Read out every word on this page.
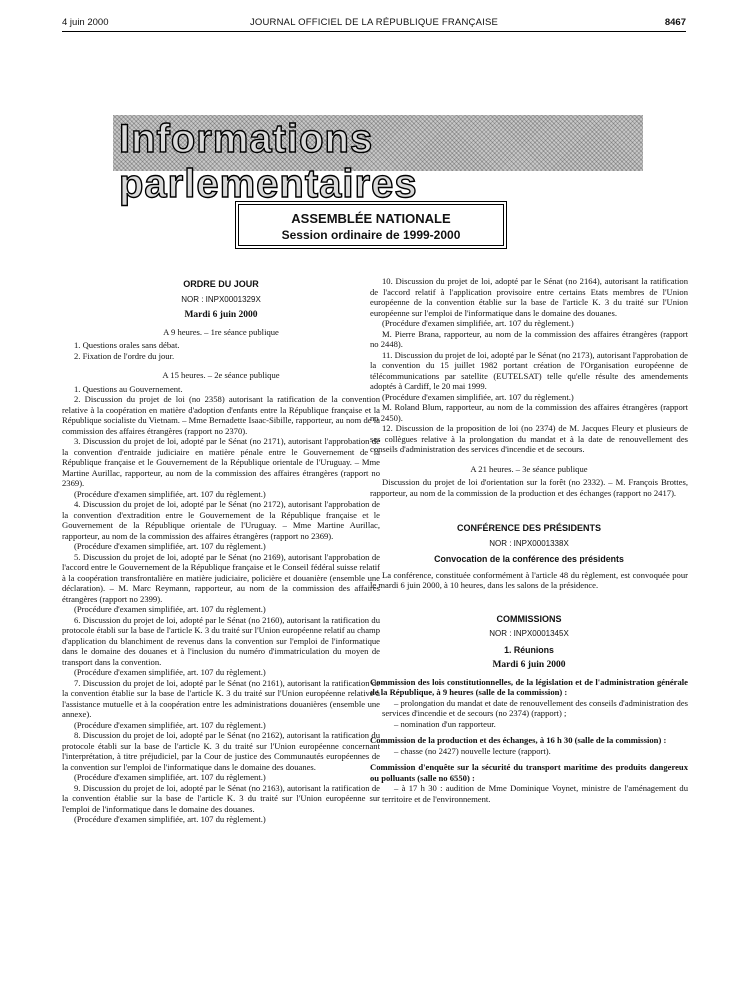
4 juin 2000	JOURNAL OFFICIEL DE LA RÉPUBLIQUE FRANÇAISE	8467
Informations parlementaires
ASSEMBLÉE NATIONALE
Session ordinaire de 1999-2000
ORDRE DU JOUR
NOR : INPX0001329X
Mardi 6 juin 2000
A 9 heures. – 1re séance publique

1. Questions orales sans débat.

2. Fixation de l'ordre du jour.

A 15 heures. – 2e séance publique

1. Questions au Gouvernement.

2. Discussion du projet de loi (no 2358) autorisant la ratification de la convention relative à la coopération en matière d'adoption d'enfants entre la République française et la République socialiste du Vietnam. – Mme Bernadette Isaac-Sibille, rapporteur, au nom de la commission des affaires étrangères (rapport no 2370).

3. Discussion du projet de loi, adopté par le Sénat (no 2171), autorisant l'approbation de la convention d'entraide judiciaire en matière pénale entre le Gouvernement de la République française et le Gouvernement de la République orientale de l'Uruguay. – Mme Martine Aurillac, rapporteur, au nom de la commission des affaires étrangères (rapport no 2369).

(Procédure d'examen simplifiée, art. 107 du règlement.)

4. Discussion du projet de loi, adopté par le Sénat (no 2172), autorisant l'approbation de la convention d'extradition entre le Gouvernement de la République française et le Gouvernement de la République orientale de l'Uruguay. – Mme Martine Aurillac, rapporteur, au nom de la commission des affaires étrangères (rapport no 2369).

(Procédure d'examen simplifiée, art. 107 du règlement.)

5. Discussion du projet de loi, adopté par le Sénat (no 2169), autorisant l'approbation de l'accord entre le Gouvernement de la République française et le Conseil fédéral suisse relatif à la coopération transfrontalière en matière judiciaire, policière et douanière (ensemble une déclaration). – M. Marc Reymann, rapporteur, au nom de la commission des affaires étrangères (rapport no 2399).

(Procédure d'examen simplifiée, art. 107 du règlement.)

6. Discussion du projet de loi, adopté par le Sénat (no 2160), autorisant la ratification du protocole établi sur la base de l'article K. 3 du traité sur l'Union européenne relatif au champ d'application du blanchiment de revenus dans la convention sur l'emploi de l'informatique dans le domaine des douanes et à l'inclusion du numéro d'immatriculation du moyen de transport dans la convention.

(Procédure d'examen simplifiée, art. 107 du règlement.)

7. Discussion du projet de loi, adopté par le Sénat (no 2161), autorisant la ratification de la convention établie sur la base de l'article K. 3 du traité sur l'Union européenne relative à l'assistance mutuelle et à la coopération entre les administrations douanières (ensemble une annexe).

(Procédure d'examen simplifiée, art. 107 du règlement.)

8. Discussion du projet de loi, adopté par le Sénat (no 2162), autorisant la ratification du protocole établi sur la base de l'article K. 3 du traité sur l'Union européenne concernant l'interprétation, à titre préjudiciel, par la Cour de justice des Communautés européennes de la convention sur l'emploi de l'informatique dans le domaine des douanes.

(Procédure d'examen simplifiée, art. 107 du règlement.)

9. Discussion du projet de loi, adopté par le Sénat (no 2163), autorisant la ratification de la convention établie sur la base de l'article K. 3 du traité sur l'Union européenne sur l'emploi de l'informatique dans le domaine des douanes.

(Procédure d'examen simplifiée, art. 107 du règlement.)

10. Discussion du projet de loi, adopté par le Sénat (no 2164), autorisant la ratification de l'accord relatif à l'application provisoire entre certains Etats membres de l'Union européenne de la convention établie sur la base de l'article K. 3 du traité sur l'Union européenne sur l'emploi de l'informatique dans le domaine des douanes.

(Procédure d'examen simplifiée, art. 107 du règlement.)

M. Pierre Brana, rapporteur, au nom de la commission des affaires étrangères (rapport no 2448).

11. Discussion du projet de loi, adopté par le Sénat (no 2173), autorisant l'approbation de la convention du 15 juillet 1982 portant création de l'Organisation européenne de télécommunications par satellite (EUTELSAT) telle qu'elle résulte des amendements adoptés à Cardiff, le 20 mai 1999.

(Procédure d'examen simplifiée, art. 107 du règlement.)

M. Roland Blum, rapporteur, au nom de la commission des affaires étrangères (rapport no 2450).

12. Discussion de la proposition de loi (no 2374) de M. Jacques Fleury et plusieurs de ses collègues relative à la prolongation du mandat et à la date de renouvellement des conseils d'administration des services d'incendie et de secours.

A 21 heures. – 3e séance publique

Discussion du projet de loi d'orientation sur la forêt (no 2332). – M. François Brottes, rapporteur, au nom de la commission de la production et des échanges (rapport no 2417).

CONFÉRENCE DES PRÉSIDENTS
NOR : INPX0001338X
Convocation de la conférence des présidents

La conférence, constituée conformément à l'article 48 du règlement, est convoquée pour le mardi 6 juin 2000, à 10 heures, dans les salons de la présidence.

COMMISSIONS
NOR : INPX0001345X
1. Réunions
Mardi 6 juin 2000

Commission des lois constitutionnelles, de la législation et de l'administration générale de la République, à 9 heures (salle de la commission) :

– prolongation du mandat et date de renouvellement des conseils d'administration des services d'incendie et de secours (no 2374) (rapport) ;

– nomination d'un rapporteur.

Commission de la production et des échanges, à 16 h 30 (salle de la commission) :

– chasse (no 2427) nouvelle lecture (rapport).

Commission d'enquête sur la sécurité du transport maritime des produits dangereux ou polluants (salle no 6550) :

– à 17 h 30 : audition de Mme Dominique Voynet, ministre de l'aménagement du territoire et de l'environnement.
